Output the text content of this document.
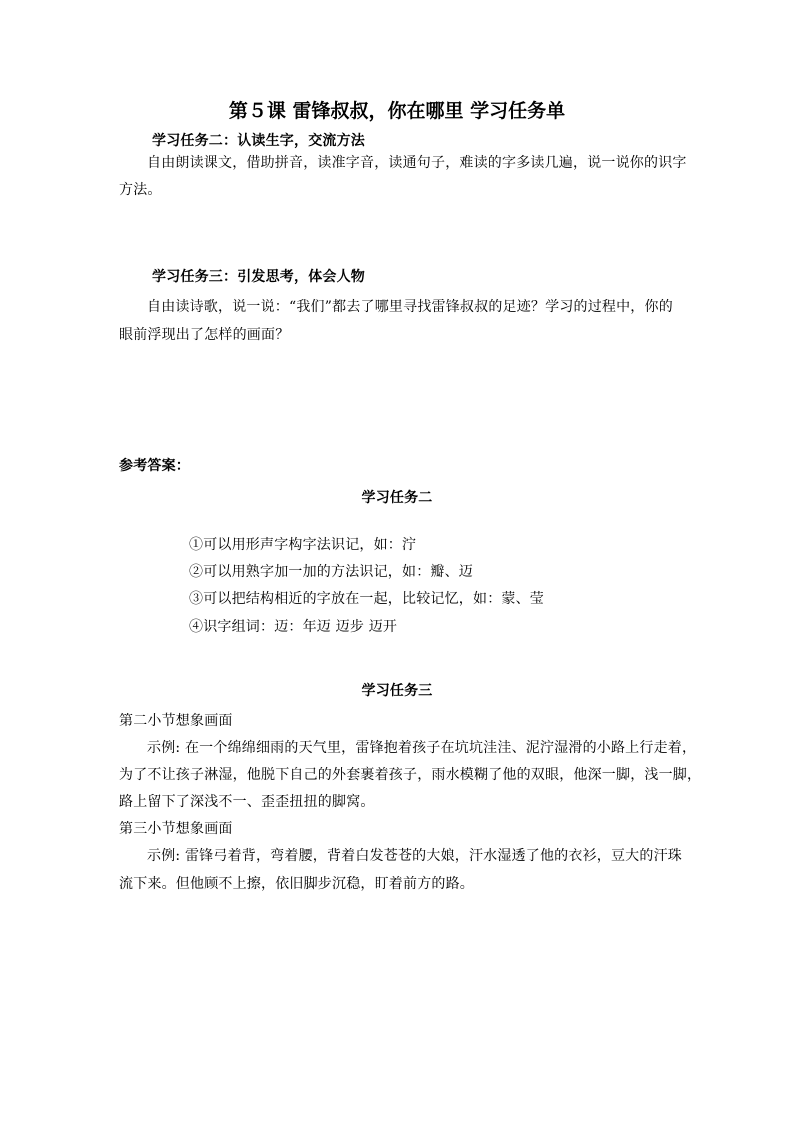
第５课 雷锋叔叔，你在哪里 学习任务单
学习任务二：认读生字，交流方法
自由朗读课文，借助拼音，读准字音，读通句子，难读的字多读几遍，说一说你的识字
方法。
学习任务三：引发思考，体会人物
自由读诗歌，说一说：“我们”都去了哪里寻找雷锋叔叔的足迹？学习的过程中，你的
眼前浮现出了怎样的画面？
参考答案：
学习任务二
①可以用形声字构字法识记，如：泞
②可以用熟字加一加的方法识记，如：瓣、迈
③可以把结构相近的字放在一起，比较记忆，如：蒙、莹
④识字组词：迈：年迈 迈步 迈开
学习任务三
第二小节想象画面
示例: 在一个绵绵细雨的天气里，雷锋抱着孩子在坑坑洼洼、泥泞湿滑的小路上行走着，
为了不让孩子淋湿，他脱下自己的外套裹着孩子，雨水模糊了他的双眼，他深一脚，浅一脚，
路上留下了深浅不一、歪歪扭扭的脚窝。
第三小节想象画面
示例: 雷锋弓着背，弯着腰，背着白发苍苍的大娘，汗水湿透了他的衣衫，豆大的汗珠
流下来。但他顾不上擦，依旧脚步沉稳，盯着前方的路。
